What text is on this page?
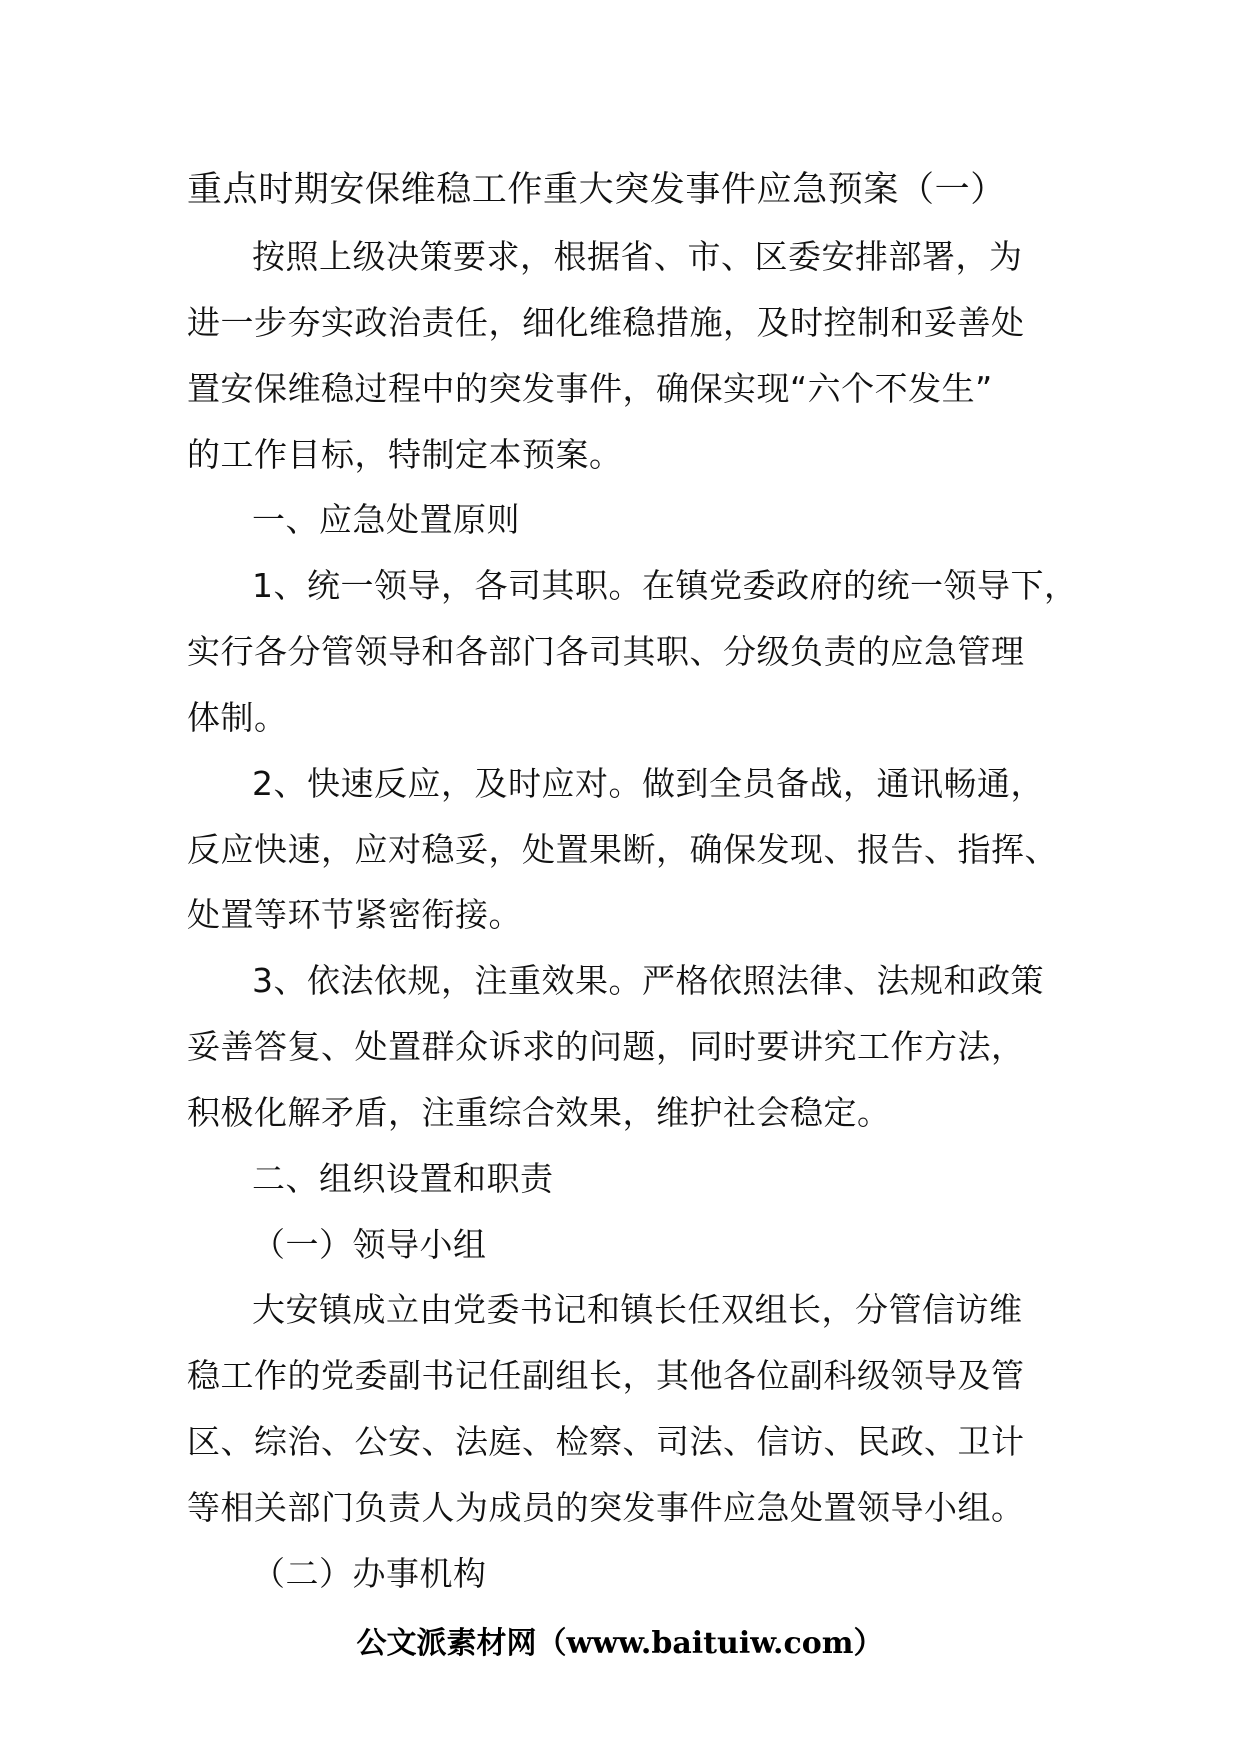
重点时期安保维稳工作重大突发事件应急预案（一）
按照上级决策要求，根据省、市、区委安排部署，为
进一步夯实政治责任，细化维稳措施，及时控制和妥善处
置安保维稳过程中的突发事件，确保实现“六个不发生”
的工作目标，特制定本预案。
一、应急处置原则
1、统一领导，各司其职。在镇党委政府的统一领导下，
实行各分管领导和各部门各司其职、分级负责的应急管理
体制。
2、快速反应，及时应对。做到全员备战，通讯畅通，
反应快速，应对稳妥，处置果断，确保发现、报告、指挥、
处置等环节紧密衔接。
3、依法依规，注重效果。严格依照法律、法规和政策
妥善答复、处置群众诉求的问题，同时要讲究工作方法，
积极化解矛盾，注重综合效果，维护社会稳定。
二、组织设置和职责
（一）领导小组
大安镇成立由党委书记和镇长任双组长，分管信访维
稳工作的党委副书记任副组长，其他各位副科级领导及管
区、综治、公安、法庭、检察、司法、信访、民政、卫计
等相关部门负责人为成员的突发事件应急处置领导小组。
（二）办事机构
公文派素材网（www.baituiw.com）
